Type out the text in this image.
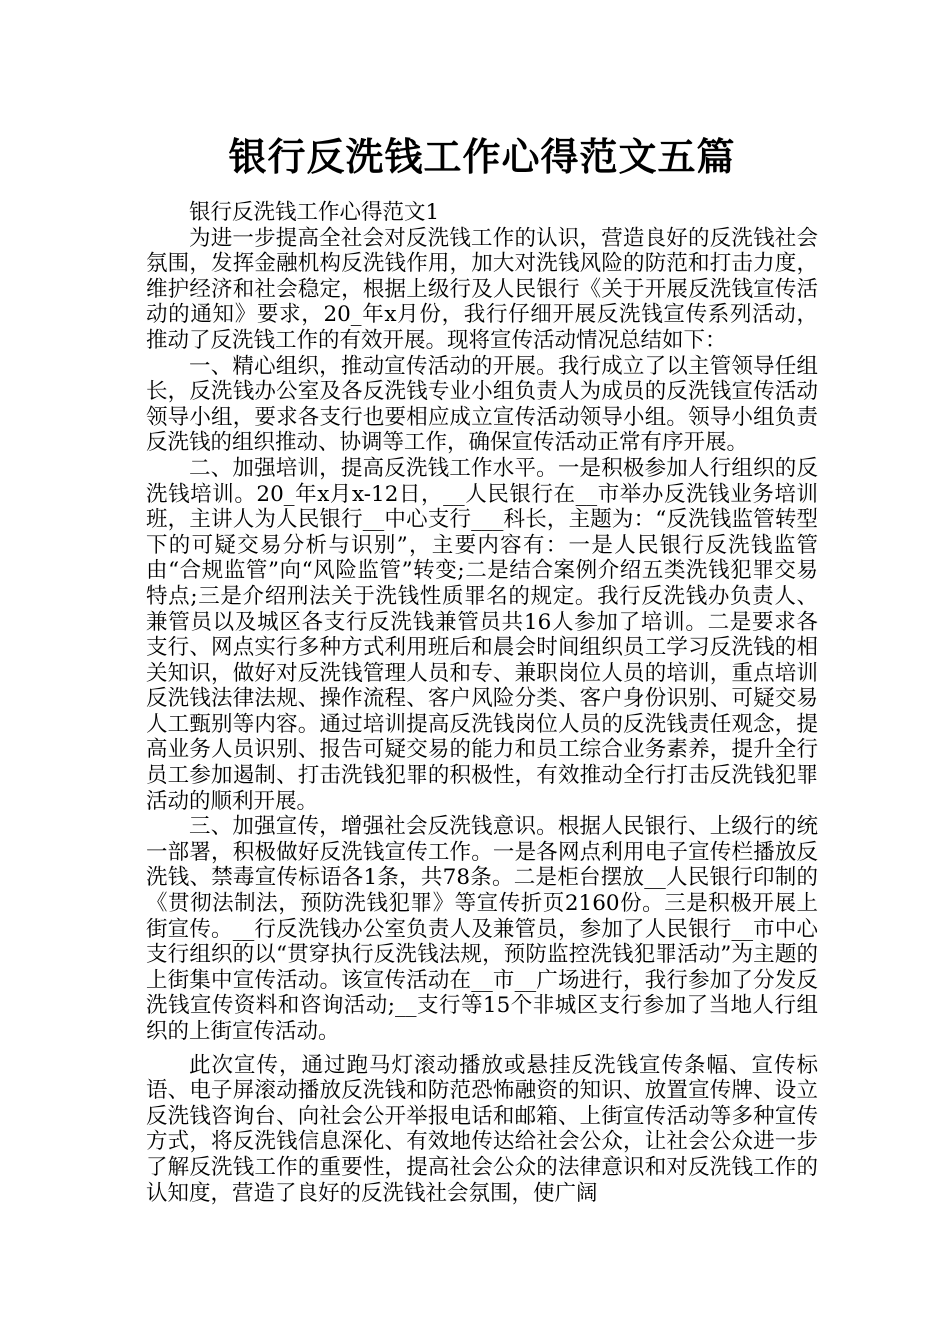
银行反洗钱工作心得范文五篇

银行反洗钱工作心得范文1

为进一步提高全社会对反洗钱工作的认识，营造良好的反洗钱社会氛围，发挥金融机构反洗钱作用，加大对洗钱风险的防范和打击力度，维护经济和社会稳定，根据上级行及人民银行《关于开展反洗钱宣传活动的通知》要求，20_年x月份，我行仔细开展反洗钱宣传系列活动，推动了反洗钱工作的有效开展。现将宣传活动情况总结如下：

一、精心组织，推动宣传活动的开展。我行成立了以主管领导任组长，反洗钱办公室及各反洗钱专业小组负责人为成员的反洗钱宣传活动领导小组，要求各支行也要相应成立宣传活动领导小组。领导小组负责反洗钱的组织推动、协调等工作，确保宣传活动正常有序开展。

二、加强培训，提高反洗钱工作水平。一是积极参加人行组织的反洗钱培训。20_年x月x-12日，__人民银行在__市举办反洗钱业务培训班，主讲人为人民银行__中心支行___科长，主题为：“反洗钱监管转型下的可疑交易分析与识别”，主要内容有：一是人民银行反洗钱监管由“合规监管”向“风险监管”转变;二是结合案例介绍五类洗钱犯罪交易特点;三是介绍刑法关于洗钱性质罪名的规定。我行反洗钱办负责人、兼管员以及城区各支行反洗钱兼管员共16人参加了培训。二是要求各支行、网点实行多种方式利用班后和晨会时间组织员工学习反洗钱的相关知识，做好对反洗钱管理人员和专、兼职岗位人员的培训，重点培训反洗钱法律法规、操作流程、客户风险分类、客户身份识别、可疑交易人工甄别等内容。通过培训提高反洗钱岗位人员的反洗钱责任观念，提高业务人员识别、报告可疑交易的能力和员工综合业务素养，提升全行员工参加遏制、打击洗钱犯罪的积极性，有效推动全行打击反洗钱犯罪活动的顺利开展。

三、加强宣传，增强社会反洗钱意识。根据人民银行、上级行的统一部署，积极做好反洗钱宣传工作。一是各网点利用电子宣传栏播放反洗钱、禁毒宣传标语各1条，共78条。二是柜台摆放__人民银行印制的《贯彻法制法，预防洗钱犯罪》等宣传折页2160份。三是积极开展上街宣传。__行反洗钱办公室负责人及兼管员，参加了人民银行__市中心支行组织的以“贯穿执行反洗钱法规，预防监控洗钱犯罪活动”为主题的上街集中宣传活动。该宣传活动在__市__广场进行，我行参加了分发反洗钱宣传资料和咨询活动;__支行等15个非城区支行参加了当地人行组织的上街宣传活动。

此次宣传，通过跑马灯滚动播放或悬挂反洗钱宣传条幅、宣传标语、电子屏滚动播放反洗钱和防范恐怖融资的知识、放置宣传牌、设立反洗钱咨询台、向社会公开举报电话和邮箱、上街宣传活动等多种宣传方式，将反洗钱信息深化、有效地传达给社会公众，让社会公众进一步了解反洗钱工作的重要性，提高社会公众的法律意识和对反洗钱工作的认知度，营造了良好的反洗钱社会氛围，使广阔
